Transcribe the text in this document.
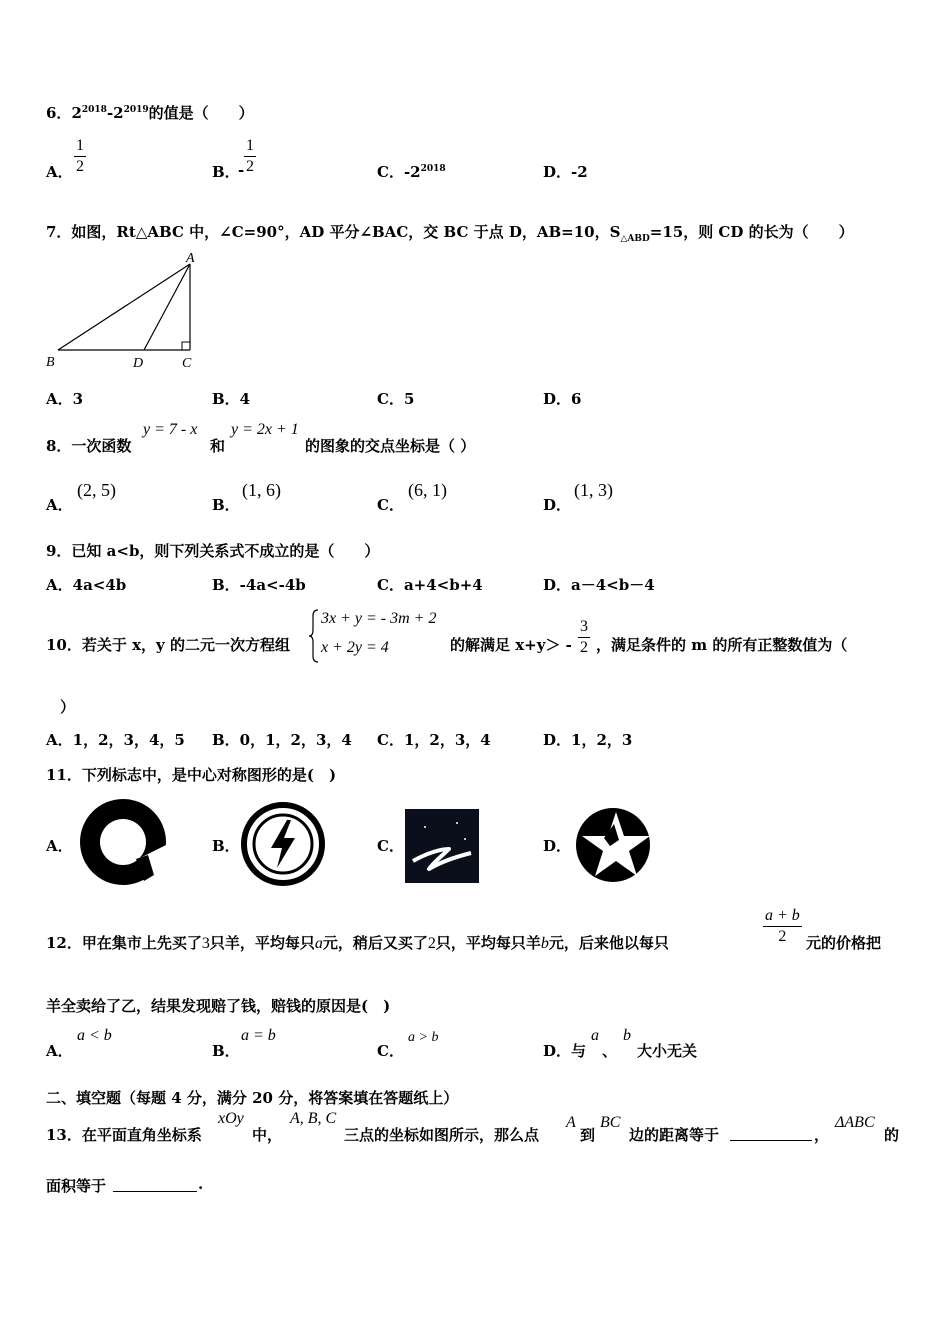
6．$2^{2018}-2^{2019}$的值是（　　）
A． $\frac{1}{2}$	B．
- $\frac{1}{2}$	C．$-2^{2018}$	D．-2
7．如图，Rt△ABC 中，∠C=90°，AD 平分∠BAC，交 BC 于点 D，AB=10，$S_{\triangle ABD}=15$，则 CD 的长为（　　）
A
B	D	C
A．3	B．4	C．5	D．6
8．一次函数
y = 7 - x
和
y = 2x + 1
的图象的交点坐标是（ ）
A．
(2, 5)
B．
(1, 6)
C．
(6, 1)
D．
(1, 3)
9．已知 a<b，则下列关系式不成立的是（　　）
A．4a<4b	B．-4a<-4b	C．a+4<b+4	D．a－4<b－4
10．若关于 x，y 的二元一次方程组
3x + y = - 3m + 2
x + 2y = 4	的解满足 $x+y> - \frac{3}{2}$ ，满足条件的 m 的所有正整数值为（
）
A．1，2，3，4，5 B．0，1，2，3，4 C．1，2，3，4	D．1，2，3
11．下列标志中，是中心对称图形的是(　)
A．	B．	C．	D．
12．甲在集市上先买了3只羊，平均每只a元，稍后又买了2只，平均每只羊b元，后来他以每只	$\frac{a + b}{2}$ 元的价格把
羊全卖给了乙，结果发现赔了钱，赔钱的原因是(　)
A．
a < b
B．
a = b
C．
a > b
D．与
a
、
b
大小无关
二、填空题（每题 4 分，满分 20 分，将答案填在答题纸上）
13．在平面直角坐标系
xOy
中，
A, B, C
三点的坐标如图所示，那么点
A
到
BC
边的距离等于	，
ΔABC
的
面积等于	.
